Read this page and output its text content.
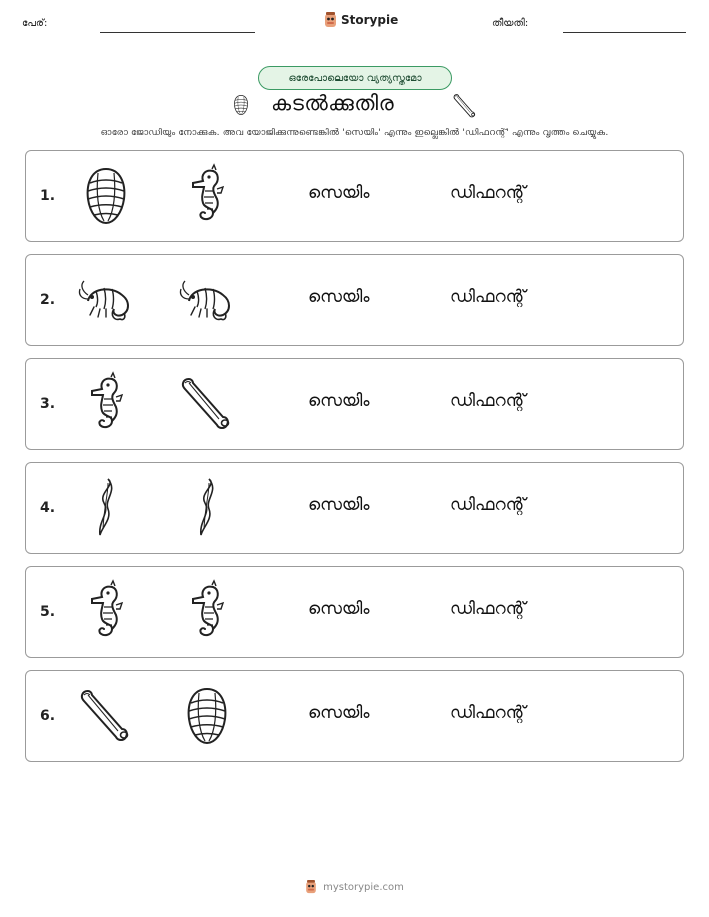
പേര്:	Storypie	തീയതി:
ഒരേപോലെയോ വ്യത്യസ്തമോ
കടൽക്കുതിര
ഓരോ ജോഡിയും നോക്കുക. അവ യോജിക്കുന്നുണ്ടെങ്കിൽ 'സെയിം' എന്നും ഇല്ലെങ്കിൽ 'ഡിഫറന്റ്' എന്നും വൃത്തം ചെയ്യുക.
1.	സെയിം	ഡിഫറന്റ്
2.	സെയിം	ഡിഫറന്റ്
3.	സെയിം	ഡിഫറന്റ്
4.	സെയിം	ഡിഫറന്റ്
5.	സെയിം	ഡിഫറന്റ്
6.	സെയിം	ഡിഫറന്റ്
mystorypie.com
